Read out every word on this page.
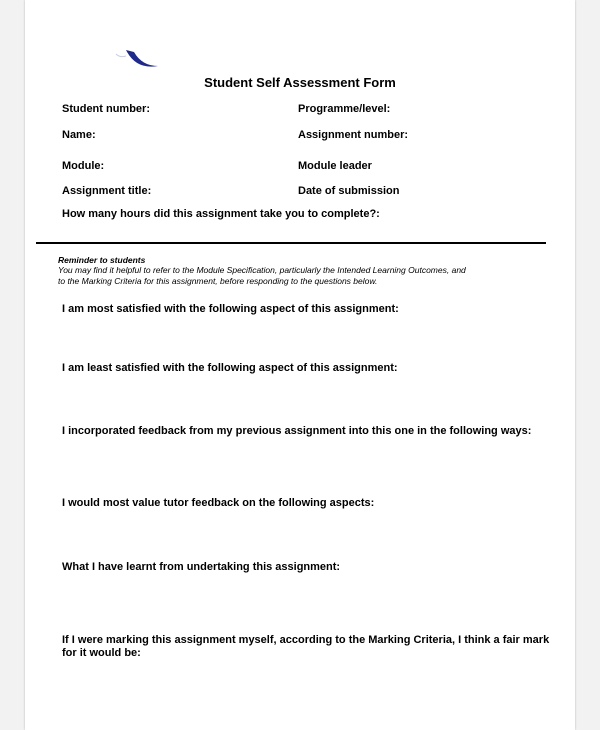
Student Self Assessment Form
Student number:
Name:
Module:
Assignment title:
Programme/level:
Assignment number:
Module leader
Date of submission
How many hours did this assignment take you to complete?:
Reminder to students
You may find it helpful to refer to the Module Specification, particularly the Intended Learning Outcomes, and
to the Marking Criteria for this assignment, before responding to the questions below.
I am most satisfied with the following aspect of this assignment:
I am least satisfied with the following aspect of this assignment:
I incorporated feedback from my previous assignment into this one in the following ways:
I would most value tutor feedback on the following aspects:
What I have learnt from undertaking this assignment:
If I were marking this assignment myself, according to the Marking Criteria, I think a fair mark for it would be:
